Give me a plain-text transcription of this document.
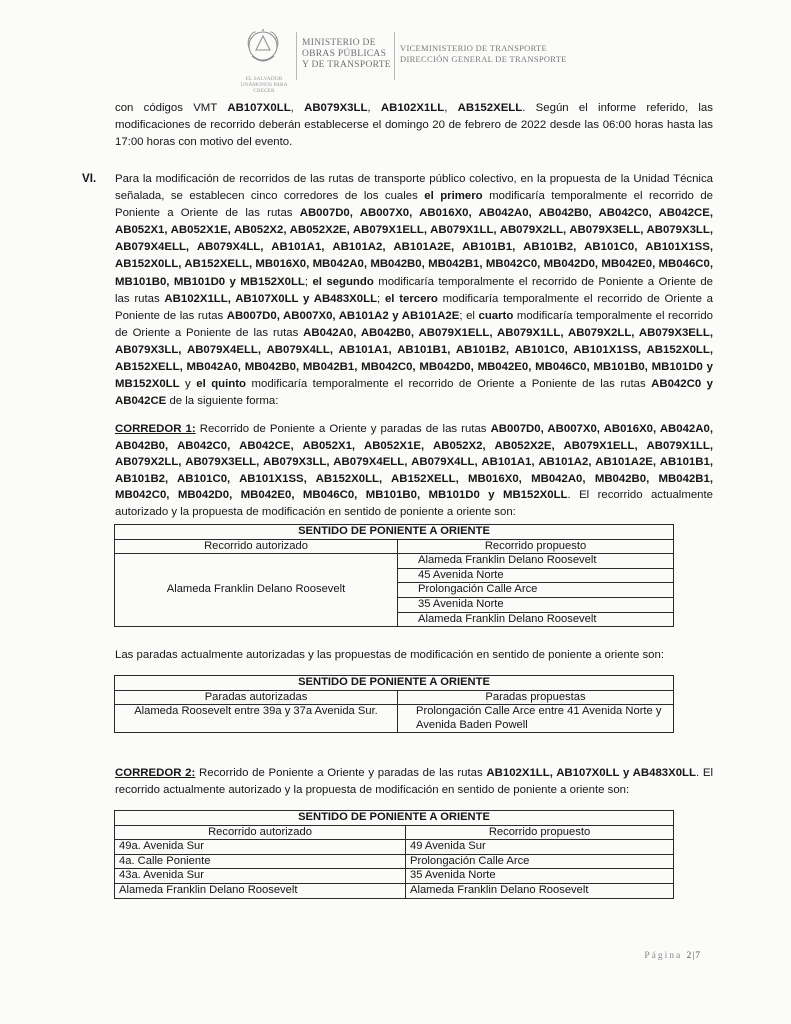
EL SALVADOR UNÁMONOS PARA CRECER
MINISTERIO DE
OBRAS PÚBLICAS
Y DE TRANSPORTE
VICEMINISTERIO DE TRANSPORTE
DIRECCIÓN GENERAL DE TRANSPORTE

con códigos VMT AB107X0LL, AB079X3LL, AB102X1LL, AB152XELL. Según el informe referido, las modificaciones de recorrido deberán establecerse el domingo 20 de febrero de 2022 desde las 06:00 horas hasta las 17:00 horas con motivo del evento.

VI. Para la modificación de recorridos de las rutas de transporte público colectivo, en la propuesta de la Unidad Técnica señalada, se establecen cinco corredores de los cuales el primero modificaría temporalmente el recorrido de Poniente a Oriente de las rutas AB007D0, AB007X0, AB016X0, AB042A0, AB042B0, AB042C0, AB042CE, AB052X1, AB052X1E, AB052X2, AB052X2E, AB079X1ELL, AB079X1LL, AB079X2LL, AB079X3ELL, AB079X3LL, AB079X4ELL, AB079X4LL, AB101A1, AB101A2, AB101A2E, AB101B1, AB101B2, AB101C0, AB101X1SS, AB152X0LL, AB152XELL, MB016X0, MB042A0, MB042B0, MB042B1, MB042C0, MB042D0, MB042E0, MB046C0, MB101B0, MB101D0 y MB152X0LL; el segundo modificaría temporalmente el recorrido de Poniente a Oriente de las rutas AB102X1LL, AB107X0LL y AB483X0LL; el tercero modificaría temporalmente el recorrido de Oriente a Poniente de las rutas AB007D0, AB007X0, AB101A2 y AB101A2E; el cuarto modificaría temporalmente el recorrido de Oriente a Poniente de las rutas AB042A0, AB042B0, AB079X1ELL, AB079X1LL, AB079X2LL, AB079X3ELL, AB079X3LL, AB079X4ELL, AB079X4LL, AB101A1, AB101B1, AB101B2, AB101C0, AB101X1SS, AB152X0LL, AB152XELL, MB042A0, MB042B0, MB042B1, MB042C0, MB042D0, MB042E0, MB046C0, MB101B0, MB101D0 y MB152X0LL y el quinto modificaría temporalmente el recorrido de Oriente a Poniente de las rutas AB042C0 y AB042CE de la siguiente forma:

CORREDOR 1: Recorrido de Poniente a Oriente y paradas de las rutas AB007D0, AB007X0, AB016X0, AB042A0, AB042B0, AB042C0, AB042CE, AB052X1, AB052X1E, AB052X2, AB052X2E, AB079X1ELL, AB079X1LL, AB079X2LL, AB079X3ELL, AB079X3LL, AB079X4ELL, AB079X4LL, AB101A1, AB101A2, AB101A2E, AB101B1, AB101B2, AB101C0, AB101X1SS, AB152X0LL, AB152XELL, MB016X0, MB042A0, MB042B0, MB042B1, MB042C0, MB042D0, MB042E0, MB046C0, MB101B0, MB101D0 y MB152X0LL. El recorrido actualmente autorizado y la propuesta de modificación en sentido de poniente a oriente son:

SENTIDO DE PONIENTE A ORIENTE	
Recorrido autorizado	Recorrido propuesto
Alameda Franklin Delano Roosevelt	Alameda Franklin Delano Roosevelt
	45 Avenida Norte
	Prolongación Calle Arce
	35 Avenida Norte
	Alameda Franklin Delano Roosevelt

Las paradas actualmente autorizadas y las propuestas de modificación en sentido de poniente a oriente son:

SENTIDO DE PONIENTE A ORIENTE	
Paradas autorizadas	Paradas propuestas
Alameda Roosevelt entre 39a y 37a Avenida Sur.	Prolongación Calle Arce entre 41 Avenida Norte y
Avenida Baden Powell

CORREDOR 2: Recorrido de Poniente a Oriente y paradas de las rutas AB102X1LL, AB107X0LL y AB483X0LL. El recorrido actualmente autorizado y la propuesta de modificación en sentido de poniente a oriente son:

SENTIDO DE PONIENTE A ORIENTE	
Recorrido autorizado	Recorrido propuesto
49a. Avenida Sur	49 Avenida Sur
4a. Calle Poniente	Prolongación Calle Arce
43a. Avenida Sur	35 Avenida Norte
Alameda Franklin Delano Roosevelt	Alameda Franklin Delano Roosevelt
Página 2|7
